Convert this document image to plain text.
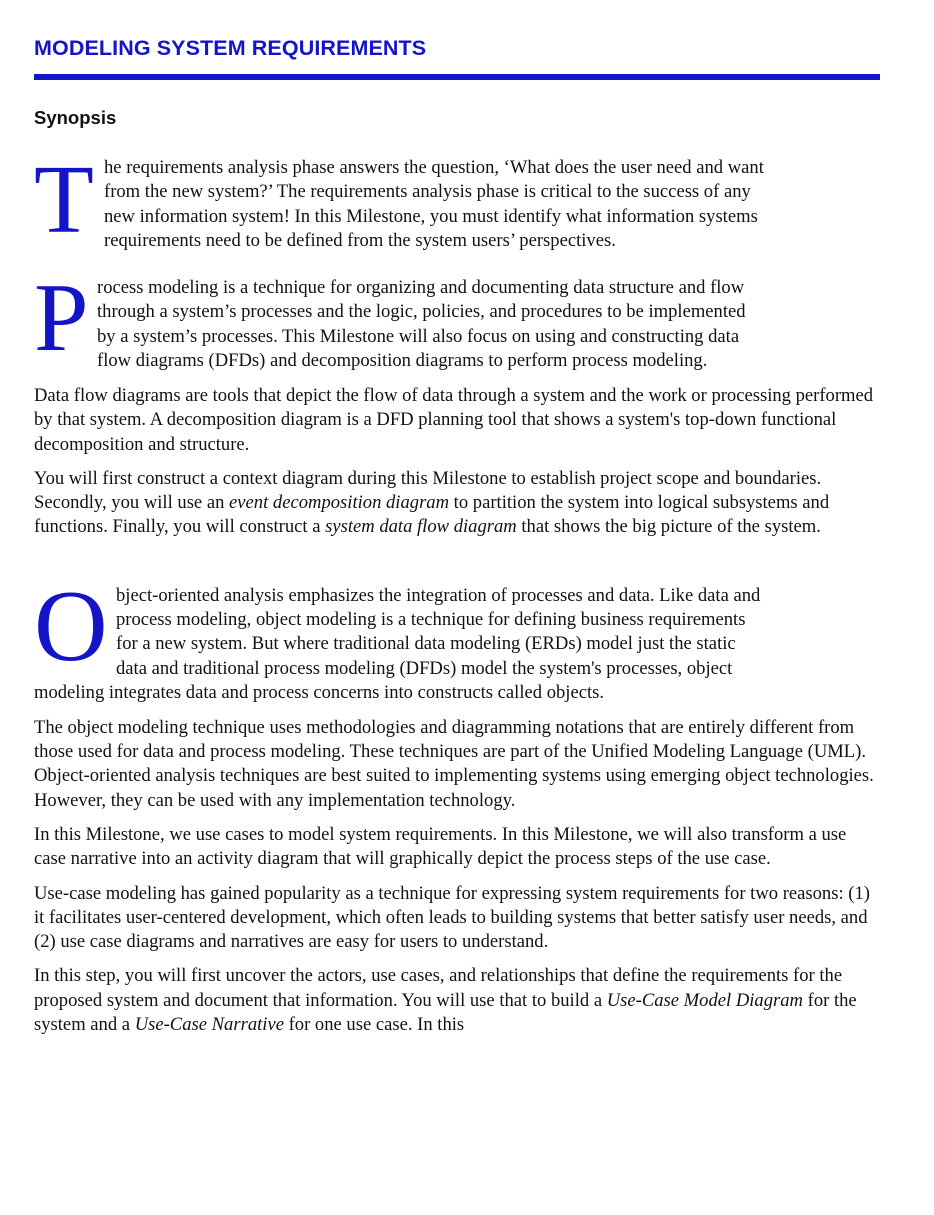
MODELING SYSTEM REQUIREMENTS
Synopsis
T he requirements analysis phase answers the question, ‘What does the user need and want
from the new system?’ The requirements analysis phase is critical to the success of any
new information system! In this Milestone, you must identify what information systems
requirements need to be defined from the system users’ perspectives.
P rocess modeling is a technique for organizing and documenting data structure and flow
through a system’s processes and the logic, policies, and procedures to be implemented
by a system’s processes. This Milestone will also focus on using and constructing data
flow diagrams (DFDs) and decomposition diagrams to perform process modeling.

Data flow diagrams are tools that depict the flow of data through a system and the work or processing performed by that system. A decomposition diagram is a DFD planning tool that shows a system's top-down functional decomposition and structure.

You will first construct a context diagram during this Milestone to establish project scope and boundaries. Secondly, you will use an event decomposition diagram to partition the system into logical subsystems and functions. Finally, you will construct a system data flow diagram that shows the big picture of the system.

O bject-oriented analysis emphasizes the integration of processes and data. Like data and
process modeling, object modeling is a technique for defining business requirements
for a new system. But where traditional data modeling (ERDs) model just the static
data and traditional process modeling (DFDs) model the system's processes, object
modeling integrates data and process concerns into constructs called objects.

The object modeling technique uses methodologies and diagramming notations that are entirely different from those used for data and process modeling. These techniques are part of the Unified Modeling Language (UML). Object-oriented analysis techniques are best suited to implementing systems using emerging object technologies. However, they can be used with any implementation technology.

In this Milestone, we use cases to model system requirements. In this Milestone, we will also transform a use case narrative into an activity diagram that will graphically depict the process steps of the use case.

Use-case modeling has gained popularity as a technique for expressing system requirements for two reasons: (1) it facilitates user-centered development, which often leads to building systems that better satisfy user needs, and (2) use case diagrams and narratives are easy for users to understand.

In this step, you will first uncover the actors, use cases, and relationships that define the requirements for the proposed system and document that information. You will use that to build a Use-Case Model Diagram for the system and a Use-Case Narrative for one use case. In this
